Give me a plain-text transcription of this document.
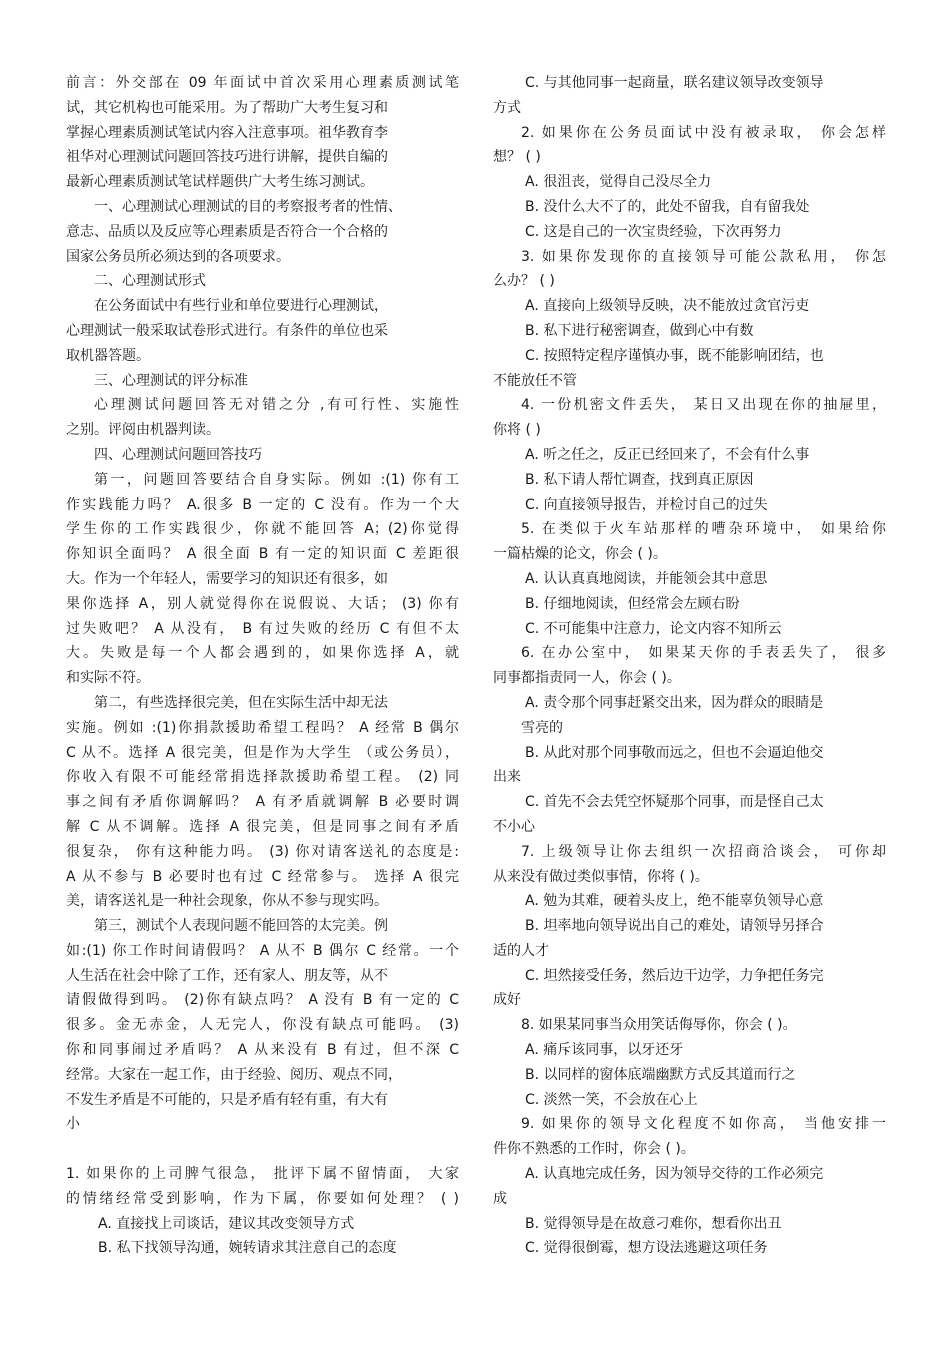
前言：外交部在 09 年面试中首次采用心理素质测试笔
试，其它机构也可能采用。为了帮助广大考生复习和
掌握心理素质测试笔试内容入注意事项。祖华教育李
祖华对心理测试问题回答技巧进行讲解，提供自编的
最新心理素质测试笔试样题供广大考生练习测试。
一、心理测试心理测试的目的考察报考者的性情、
意志、品质以及反应等心理素质是否符合一个合格的
国家公务员所必须达到的各项要求。
二、心理测试形式
在公务面试中有些行业和单位要进行心理测试，
心理测试一般采取试卷形式进行。有条件的单位也采
取机器答题。
三、心理测试的评分标准
心理测试问题回答无对错之分 ,有可行性、实施性
之别。评阅由机器判读。
四、心理测试问题回答技巧
第一，问题回答要结合自身实际。例如 :(1) 你有工
作实践能力吗？ A.很多 B 一定的 C 没有。作为一个大
学生你的工作实践很少，你就不能回答 A；(2)你觉得
你知识全面吗？ A 很全面 B 有一定的知识面 C 差距很
大。作为一个年轻人，需要学习的知识还有很多，如
果你选择 A，别人就觉得你在说假说、大话； (3) 你有
过失败吧？ A 从没有， B 有过失败的经历 C 有但不太
大。失败是每一个人都会遇到的，如果你选择 A，就
和实际不符。
第二，有些选择很完美，但在实际生活中却无法
实施。例如 :(1)你捐款援助希望工程吗？ A 经常 B 偶尔
C 从不。选择 A 很完美，但是作为大学生 （或公务员），
你收入有限不可能经常捐选择款援助希望工程。 (2) 同
事之间有矛盾你调解吗？ A 有矛盾就调解 B 必要时调
解 C 从不调解。选择 A 很完美，但是同事之间有矛盾
很复杂， 你有这种能力吗。 (3) 你对请客送礼的态度是:
A 从不参与 B 必要时也有过 C 经常参与。 选择 A 很完
美，请客送礼是一种社会现象，你从不参与现实吗。
第三，测试个人表现问题不能回答的太完美。例
如:(1) 你工作时间请假吗？ A 从不 B 偶尔 C 经常。一个
人生活在社会中除了工作，还有家人、朋友等，从不
请假做得到吗。 (2)你有缺点吗？ A 没有 B 有一定的 C
很多。金无赤金，人无完人，你没有缺点可能吗。 (3)
你和同事闹过矛盾吗？ A 从来没有 B 有过，但不深 C
经常。大家在一起工作，由于经验、阅历、观点不同，
不发生矛盾是不可能的，只是矛盾有轻有重，有大有
小
1. 如果你的上司脾气很急， 批评下属不留情面， 大家
的情绪经常受到影响，作为下属，你要如何处理？ ( )
A. 直接找上司谈话，建议其改变领导方式
B. 私下找领导沟通，婉转请求其注意自己的态度
C. 与其他同事一起商量，联名建议领导改变领导
方式
2. 如果你在公务员面试中没有被录取， 你会怎样
想？ ( )
A. 很沮丧，觉得自己没尽全力
B. 没什么大不了的，此处不留我，自有留我处
C. 这是自己的一次宝贵经验，下次再努力
3. 如果你发现你的直接领导可能公款私用， 你怎
么办？ ( )
A. 直接向上级领导反映，决不能放过贪官污吏
B. 私下进行秘密调查，做到心中有数
C. 按照特定程序谨慎办事，既不能影响团结，也
不能放任不管
4. 一份机密文件丢失， 某日又出现在你的抽屉里，
你将 ( )
A. 听之任之，反正已经回来了，不会有什么事
B. 私下请人帮忙调查，找到真正原因
C. 向直接领导报告，并检讨自己的过失
5. 在类似于火车站那样的嘈杂环境中， 如果给你
一篇枯燥的论文，你会 ( )。
A. 认认真真地阅读，并能领会其中意思
B. 仔细地阅读，但经常会左顾右盼
C. 不可能集中注意力，论文内容不知所云
6. 在办公室中， 如果某天你的手表丢失了， 很多
同事都指责同一人，你会 ( )。
A. 责令那个同事赶紧交出来，因为群众的眼睛是
雪亮的
B. 从此对那个同事敬而远之，但也不会逼迫他交
出来
C. 首先不会去凭空怀疑那个同事，而是怪自己太
不小心
7. 上级领导让你去组织一次招商洽谈会， 可你却
从来没有做过类似事情，你将 ( )。
A. 勉为其难，硬着头皮上，绝不能辜负领导心意
B. 坦率地向领导说出自己的难处，请领导另择合
适的人才
C. 坦然接受任务，然后边干边学，力争把任务完
成好
8. 如果某同事当众用笑话侮辱你，你会 ( )。
A. 痛斥该同事，以牙还牙
B. 以同样的窗体底端幽默方式反其道而行之
C. 淡然一笑，不会放在心上
9. 如果你的领导文化程度不如你高， 当他安排一
件你不熟悉的工作时，你会 ( )。
A. 认真地完成任务，因为领导交待的工作必须完
成
B. 觉得领导是在故意刁难你，想看你出丑
C. 觉得很倒霉，想方设法逃避这项任务
